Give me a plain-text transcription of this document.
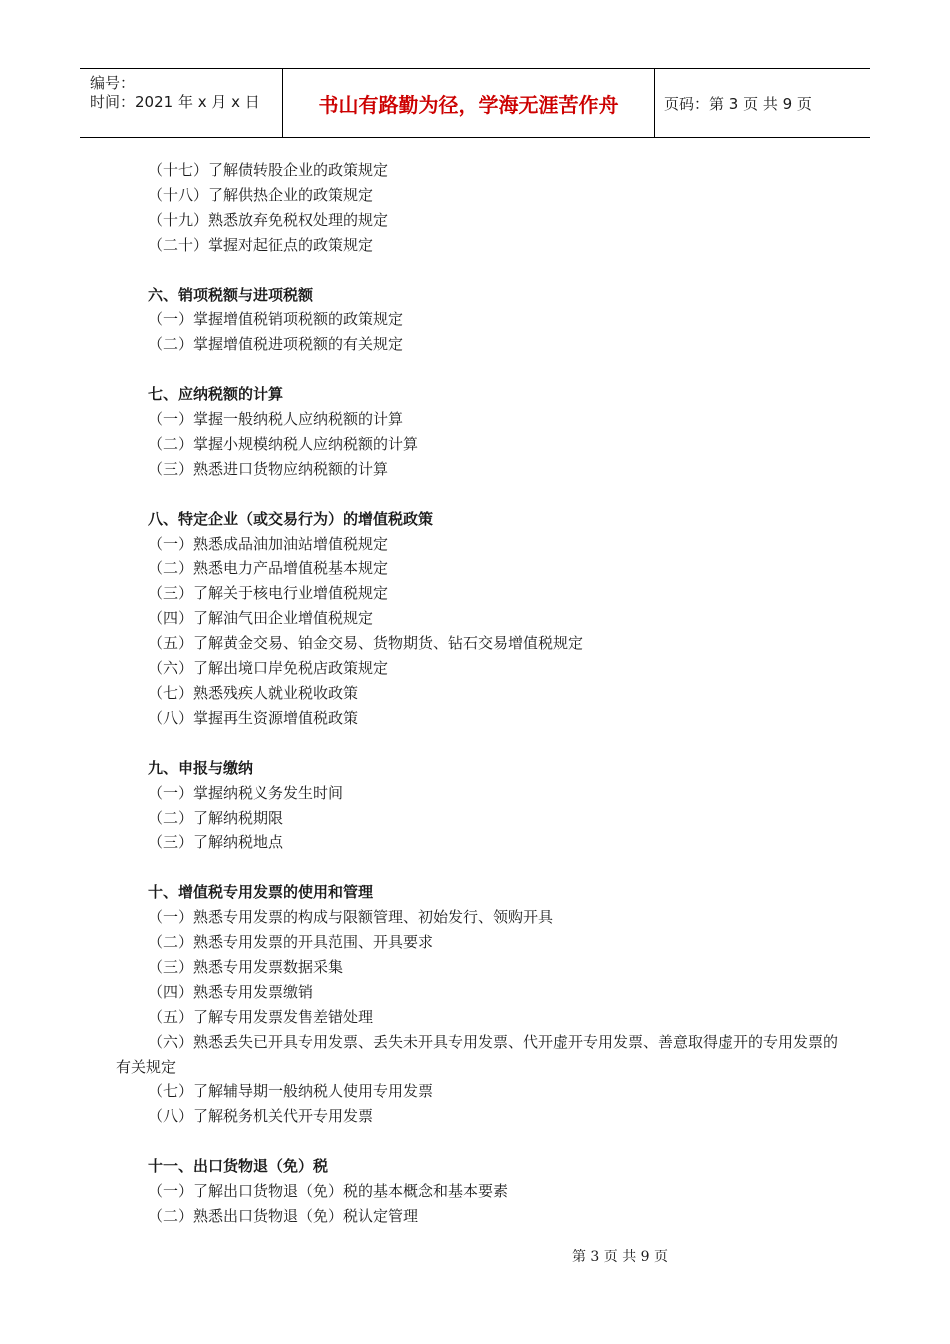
编号：
时间：2021 年 x 月 x 日	书山有路勤为径，学海无涯苦作舟	页码：第 3 页 共 9 页
（十七）了解债转股企业的政策规定
（十八）了解供热企业的政策规定
（十九）熟悉放弃免税权处理的规定
（二十）掌握对起征点的政策规定
六、销项税额与进项税额
（一）掌握增值税销项税额的政策规定
（二）掌握增值税进项税额的有关规定
七、应纳税额的计算
（一）掌握一般纳税人应纳税额的计算
（二）掌握小规模纳税人应纳税额的计算
（三）熟悉进口货物应纳税额的计算
八、特定企业（或交易行为）的增值税政策
（一）熟悉成品油加油站增值税规定
（二）熟悉电力产品增值税基本规定
（三）了解关于核电行业增值税规定
（四）了解油气田企业增值税规定
（五）了解黄金交易、铂金交易、货物期货、钻石交易增值税规定
（六）了解出境口岸免税店政策规定
（七）熟悉残疾人就业税收政策
（八）掌握再生资源增值税政策
九、申报与缴纳
（一）掌握纳税义务发生时间
（二）了解纳税期限
（三）了解纳税地点
十、增值税专用发票的使用和管理
（一）熟悉专用发票的构成与限额管理、初始发行、领购开具
（二）熟悉专用发票的开具范围、开具要求
（三）熟悉专用发票数据采集
（四）熟悉专用发票缴销
（五）了解专用发票发售差错处理
（六）熟悉丢失已开具专用发票、丢失未开具专用发票、代开虚开专用发票、善意取得虚开的专用发票的有关规定
（七）了解辅导期一般纳税人使用专用发票
（八）了解税务机关代开专用发票
十一、出口货物退（免）税
（一）了解出口货物退（免）税的基本概念和基本要素
（二）熟悉出口货物退（免）税认定管理
第 3 页 共 9 页
